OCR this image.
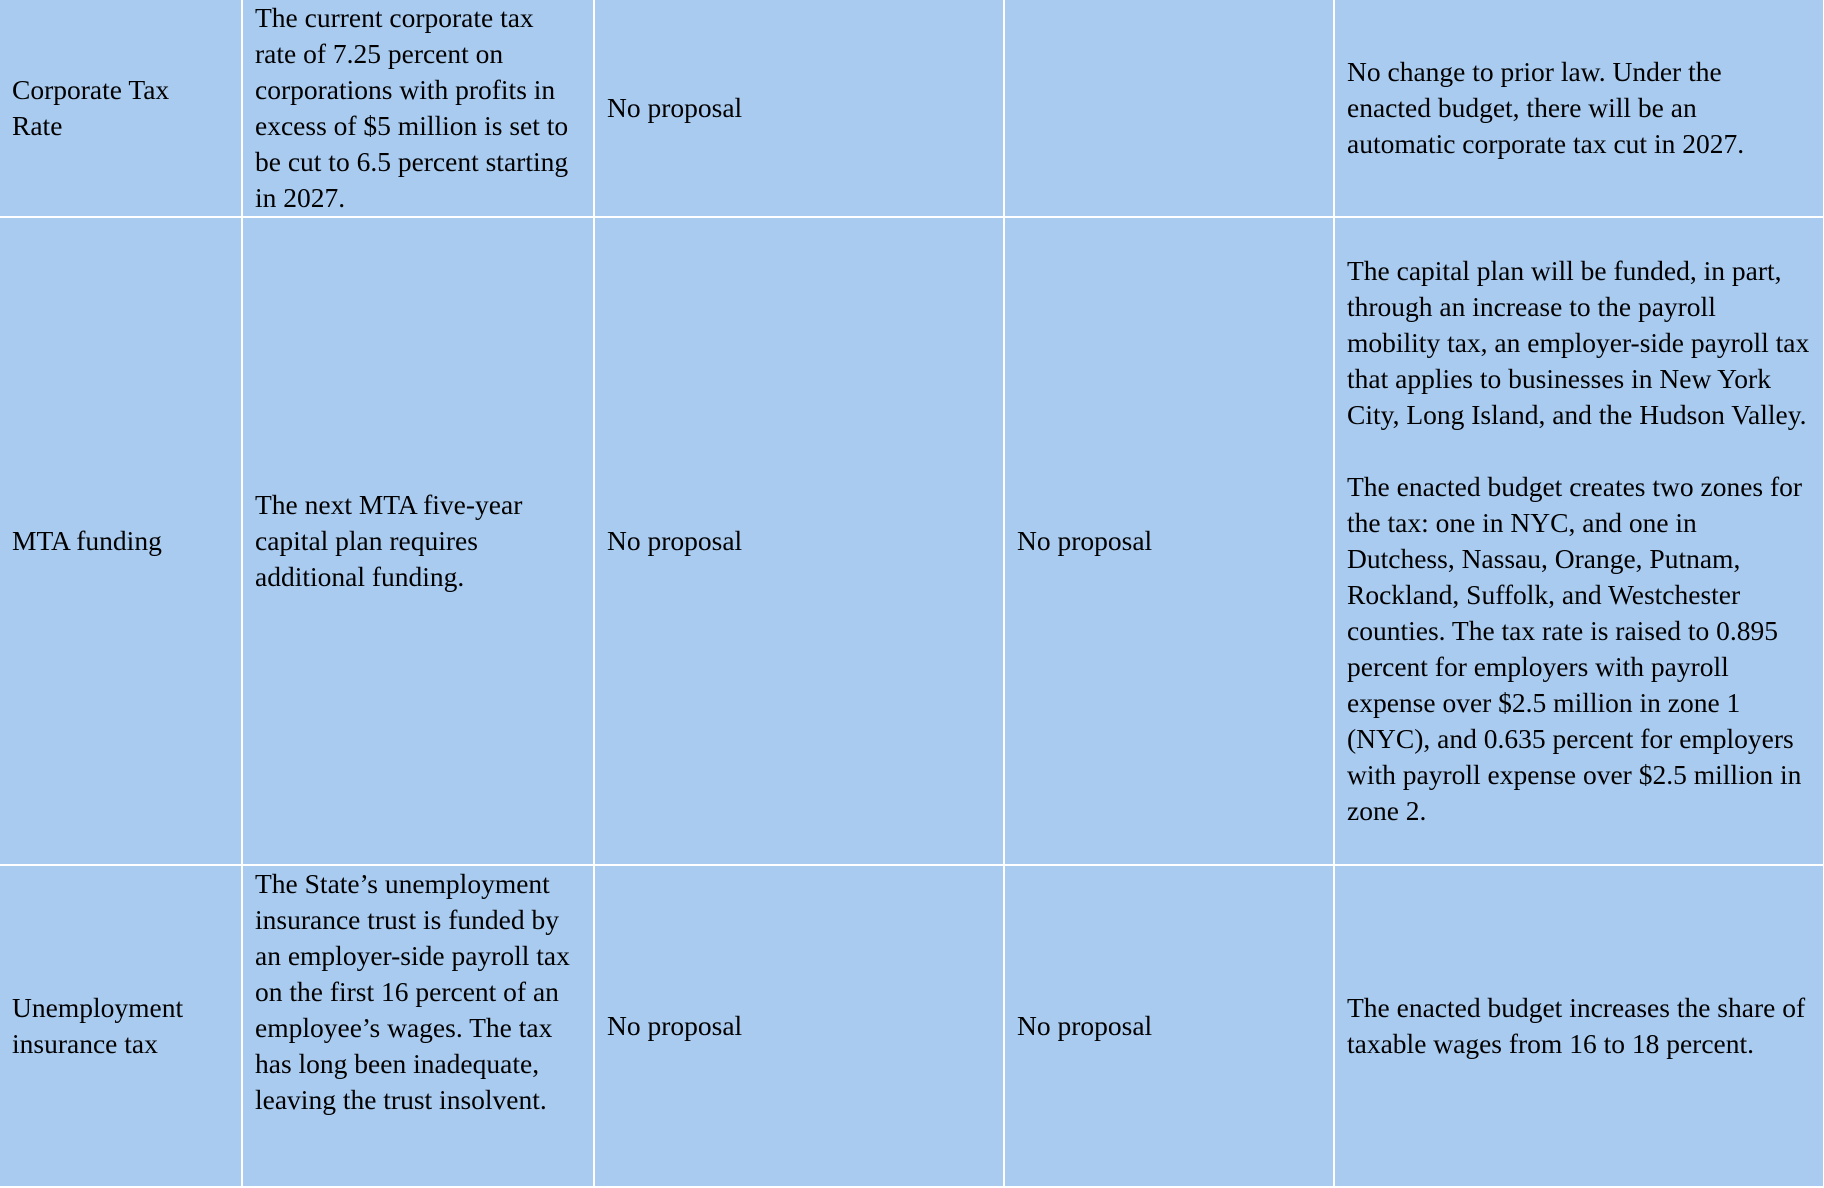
Corporate Tax
Rate	The current corporate tax rate of 7.25 percent on corporations with profits in excess of $5 million is set to be cut to 6.5 percent starting in 2027.	No proposal		No change to prior law. Under the enacted budget, there will be an automatic corporate tax cut in 2027.
MTA funding	The next MTA five-year capital plan requires additional funding.	No proposal	No proposal	The capital plan will be funded, in part, through an increase to the payroll mobility tax, an employer-side payroll tax that applies to businesses in New York City, Long Island, and the Hudson Valley.

The enacted budget creates two zones for the tax: one in NYC, and one in Dutchess, Nassau, Orange, Putnam, Rockland, Suffolk, and Westchester counties. The tax rate is raised to 0.895 percent for employers with payroll expense over $2.5 million in zone 1 (NYC), and 0.635 percent for employers with payroll expense over $2.5 million in zone 2.
Unemployment
insurance tax	The State’s unemployment insurance trust is funded by an employer-side payroll tax on the first 16 percent of an employee’s wages. The tax has long been inadequate, leaving the trust insolvent.	No proposal	No proposal	The enacted budget increases the share of taxable wages from 16 to 18 percent.
